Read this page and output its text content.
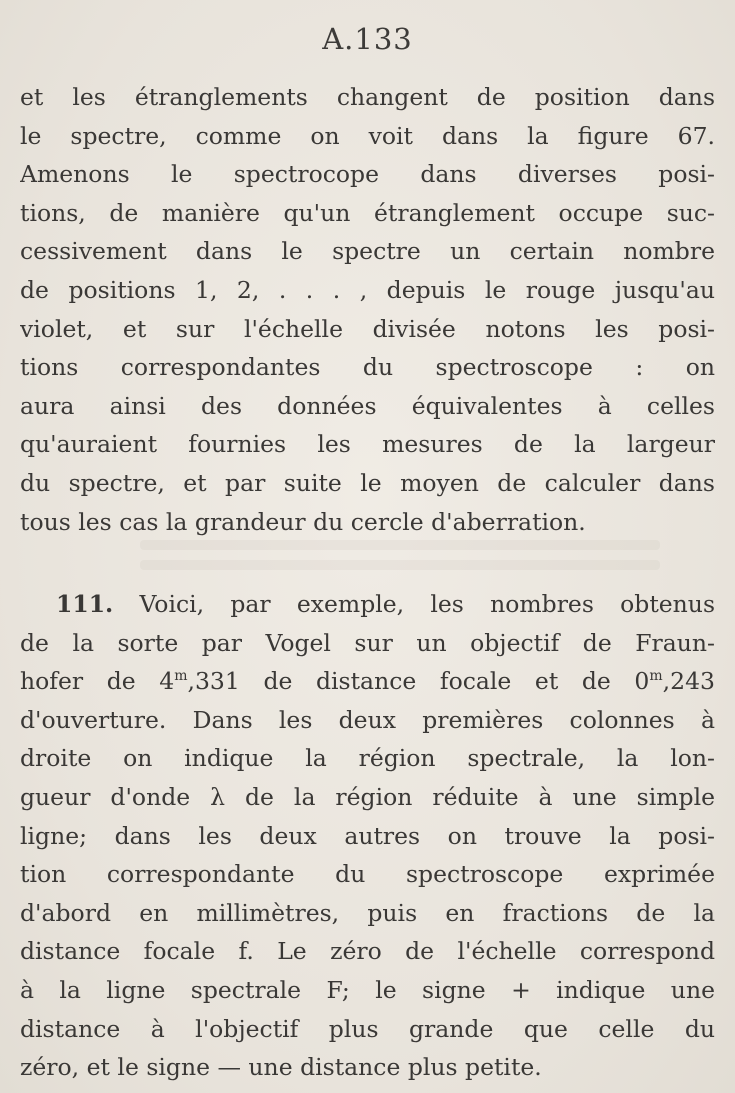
A.133
et les étranglements changent de position dans
le spectre, comme on voit dans la figure 67.
Amenons le spectrocope dans diverses posi-
tions, de manière qu'un étranglement occupe suc-
cessivement dans le spectre un certain nombre
de positions 1, 2, . . . , depuis le rouge jusqu'au
violet, et sur l'échelle divisée notons les posi-
tions correspondantes du spectroscope : on
aura ainsi des données équivalentes à celles
qu'auraient fournies les mesures de la largeur
du spectre, et par suite le moyen de calculer dans
tous les cas la grandeur du cercle d'aberration.
111. Voici, par exemple, les nombres obtenus
de la sorte par Vogel sur un objectif de Fraun-
hofer de 4$^m$,331 de distance focale et de 0$^m$,243
d'ouverture. Dans les deux premières colonnes à
droite on indique la région spectrale, la lon-
gueur d'onde λ de la région réduite à une simple
ligne; dans les deux autres on trouve la posi-
tion correspondante du spectroscope exprimée
d'abord en millimètres, puis en fractions de la
distance focale f. Le zéro de l'échelle correspond
à la ligne spectrale F; le signe + indique une
distance à l'objectif plus grande que celle du
zéro, et le signe — une distance plus petite.
